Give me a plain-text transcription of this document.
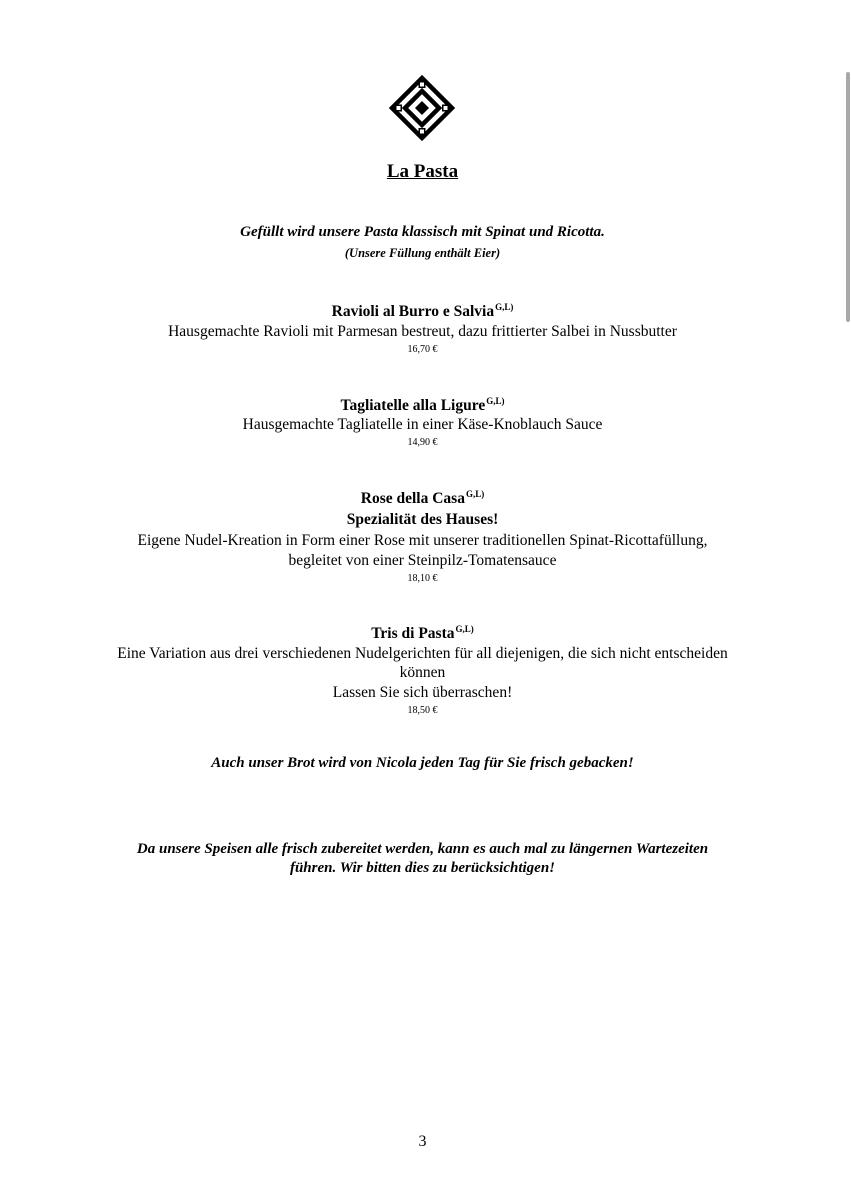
La Pasta
Gefüllt wird unsere Pasta klassisch mit Spinat und Ricotta.
(Unsere Füllung enthält Eier)
Ravioli al Burro e Salvia$^{G,L)}$
Hausgemachte Ravioli mit Parmesan bestreut, dazu frittierter Salbei in Nussbutter
16,70 €
Tagliatelle alla Ligure$^{G,L)}$
Hausgemachte Tagliatelle in einer Käse-Knoblauch Sauce
14,90 €
Rose della Casa$^{G,L)}$
Spezialität des Hauses!
Eigene Nudel-Kreation in Form einer Rose mit unserer traditionellen Spinat-Ricottafüllung,
begleitet von einer Steinpilz-Tomatensauce
18,10 €
Tris di Pasta$^{G,L)}$
Eine Variation aus drei verschiedenen Nudelgerichten für all diejenigen, die sich nicht entscheiden
können
Lassen Sie sich überraschen!
18,50 €
Auch unser Brot wird von Nicola jeden Tag für Sie frisch gebacken!
Da unsere Speisen alle frisch zubereitet werden, kann es auch mal zu längernen Wartezeiten
führen. Wir bitten dies zu berücksichtigen!
3
